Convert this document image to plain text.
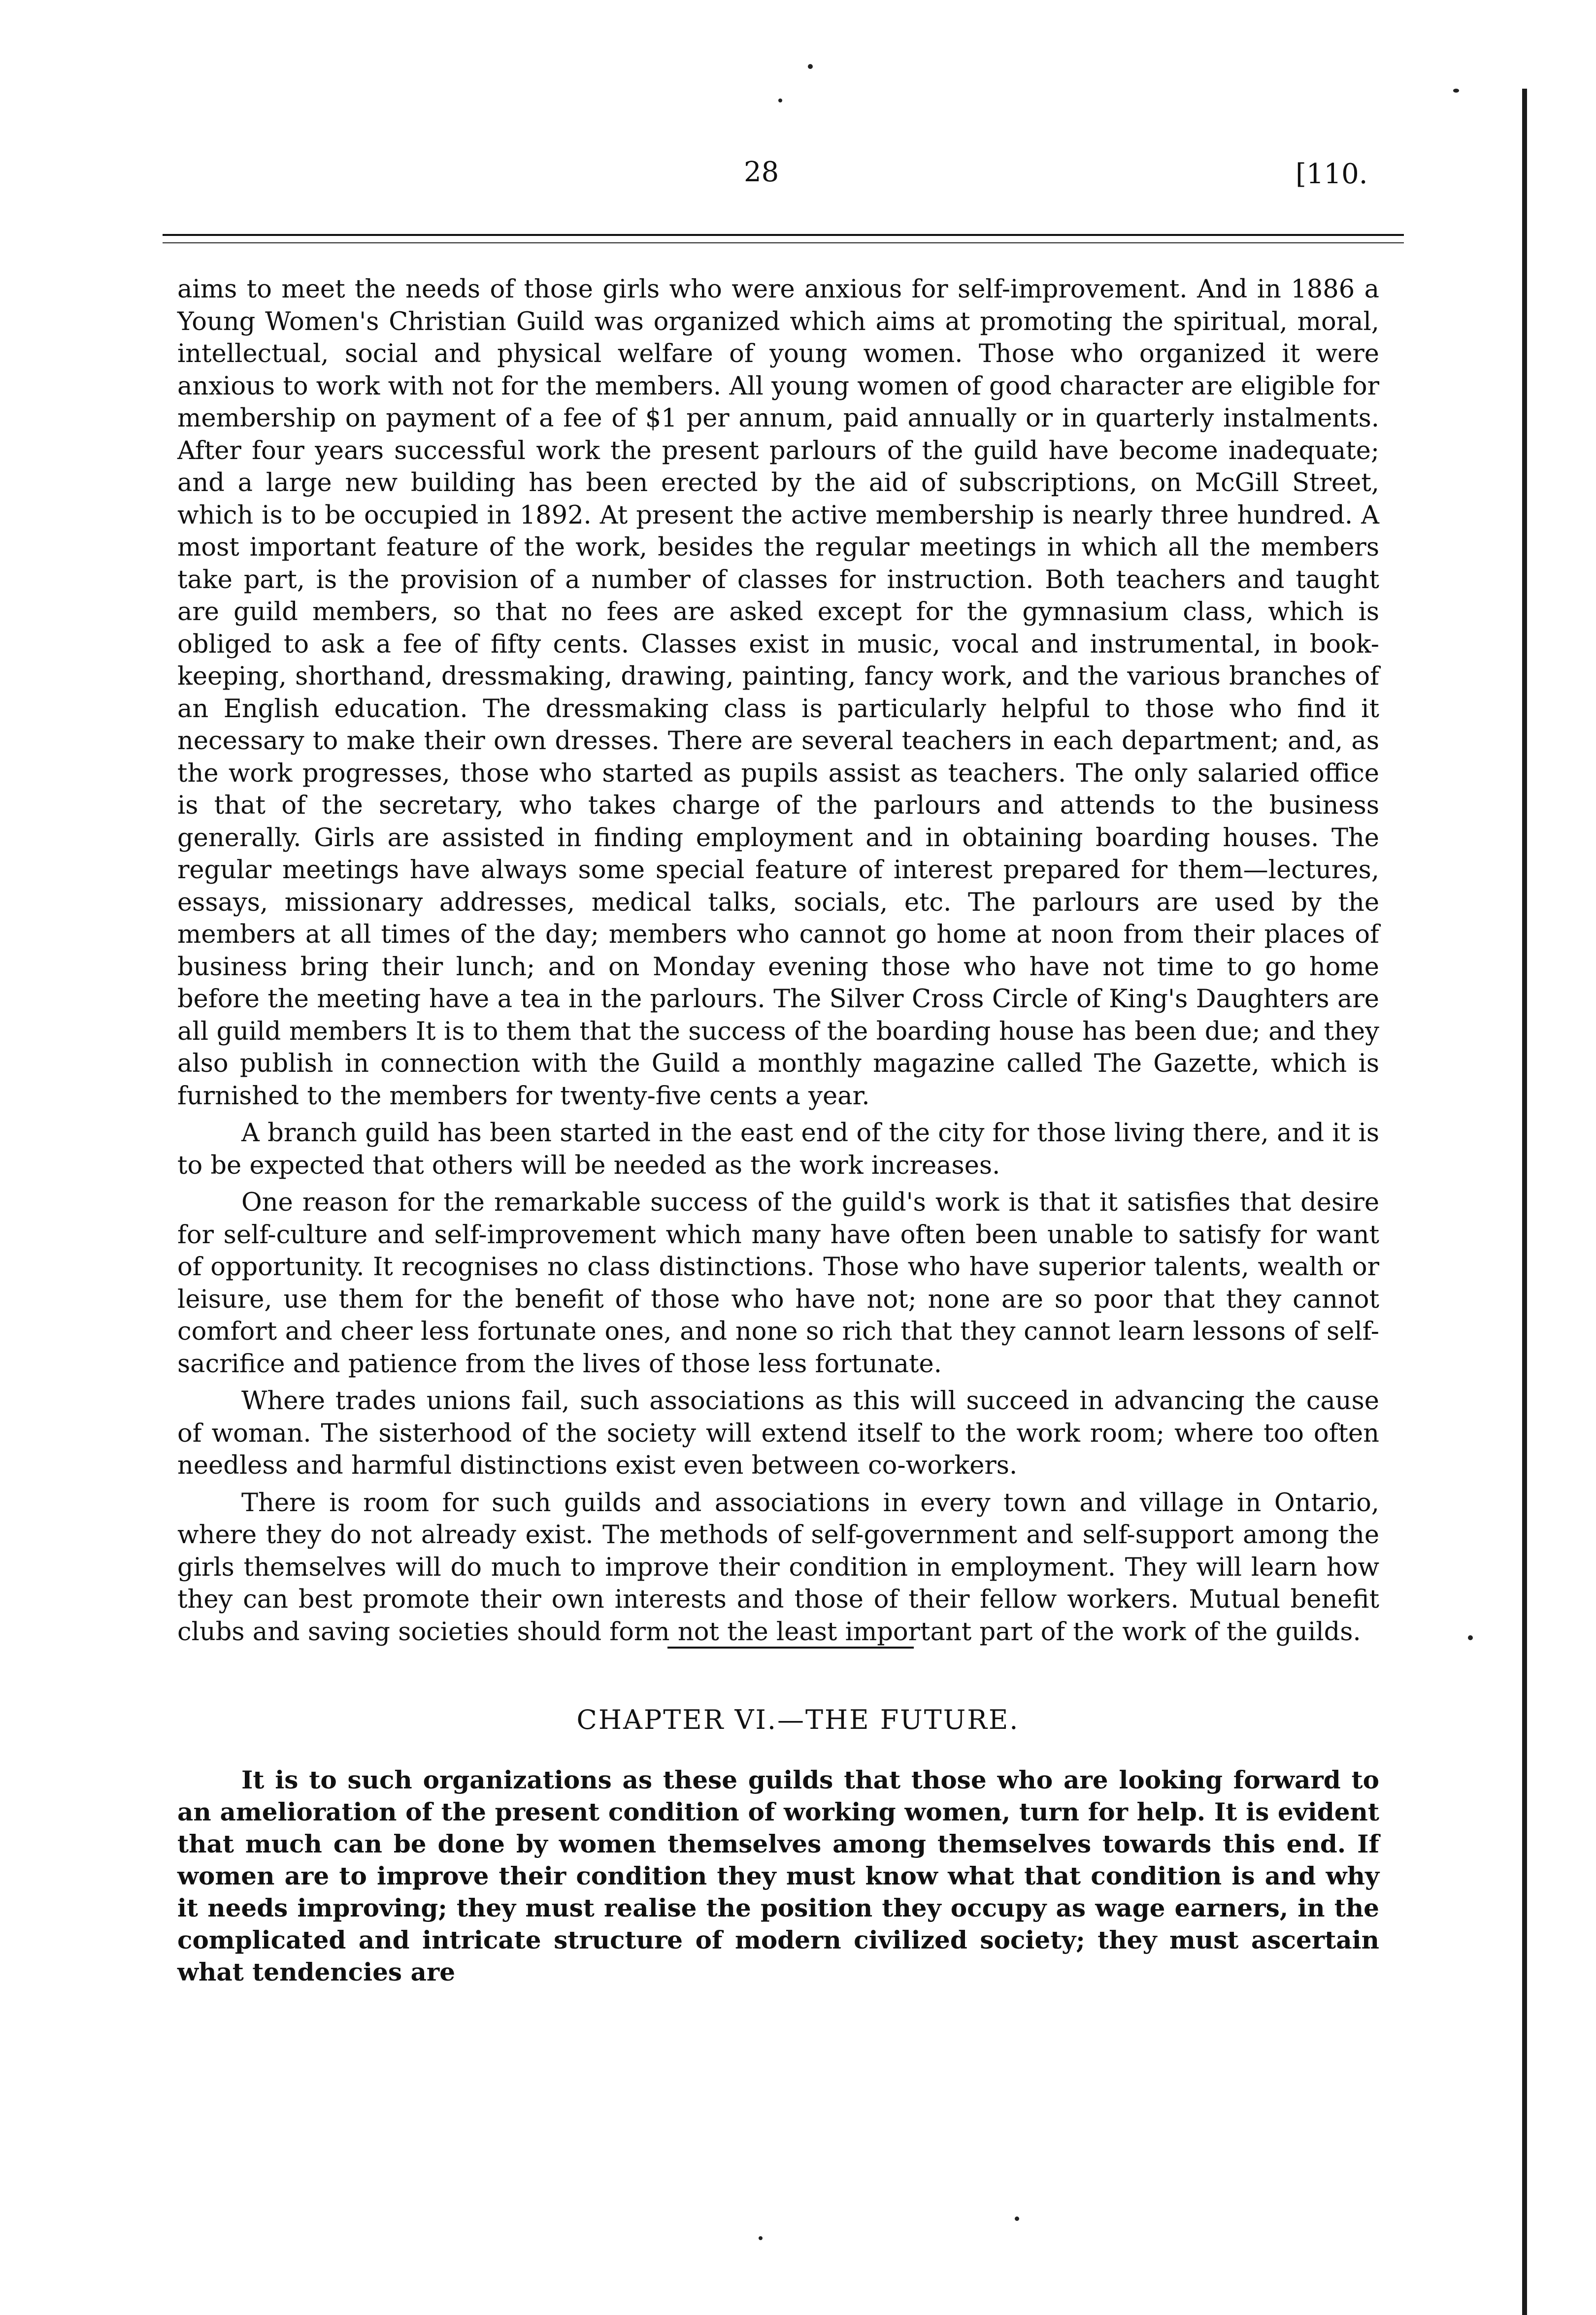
28	[110.

aims to meet the needs of those girls who were anxious for self-improvement. And in 1886 a Young Women's Christian Guild was organized which aims at promoting the spiritual, moral, intellectual, social and physical welfare of young women. Those who organized it were anxious to work with not for the members. All young women of good character are eligible for membership on payment of a fee of $1 per annum, paid annually or in quarterly instalments. After four years successful work the present parlours of the guild have become inadequate; and a large new building has been erected by the aid of subscriptions, on McGill Street, which is to be occupied in 1892. At present the active membership is nearly three hundred. A most important feature of the work, besides the regular meetings in which all the members take part, is the provision of a number of classes for instruction. Both teachers and taught are guild members, so that no fees are asked except for the gymnasium class, which is obliged to ask a fee of fifty cents. Classes exist in music, vocal and instrumental, in book-keeping, shorthand, dressmaking, drawing, painting, fancy work, and the various branches of an English education. The dressmaking class is particularly helpful to those who find it necessary to make their own dresses. There are several teachers in each department; and, as the work progresses, those who started as pupils assist as teachers. The only salaried office is that of the secretary, who takes charge of the parlours and attends to the business generally. Girls are assisted in finding employment and in obtaining boarding houses. The regular meetings have always some special feature of interest prepared for them—lectures, essays, missionary addresses, medical talks, socials, etc. The parlours are used by the members at all times of the day; members who cannot go home at noon from their places of business bring their lunch; and on Monday evening those who have not time to go home before the meeting have a tea in the parlours. The Silver Cross Circle of King's Daughters are all guild members It is to them that the success of the boarding house has been due; and they also publish in connection with the Guild a monthly magazine called The Gazette, which is furnished to the members for twenty-five cents a year.

A branch guild has been started in the east end of the city for those living there, and it is to be expected that others will be needed as the work increases.

One reason for the remarkable success of the guild's work is that it satisfies that desire for self-culture and self-improvement which many have often been unable to satisfy for want of opportunity. It recognises no class distinctions. Those who have superior talents, wealth or leisure, use them for the benefit of those who have not; none are so poor that they cannot comfort and cheer less fortunate ones, and none so rich that they cannot learn lessons of self-sacrifice and patience from the lives of those less fortunate.

Where trades unions fail, such associations as this will succeed in advancing the cause of woman. The sisterhood of the society will extend itself to the work room; where too often needless and harmful distinctions exist even between co-workers.

There is room for such guilds and associations in every town and village in Ontario, where they do not already exist. The methods of self-government and self-support among the girls themselves will do much to improve their condition in employment. They will learn how they can best promote their own interests and those of their fellow workers. Mutual benefit clubs and saving societies should form not the least important part of the work of the guilds.

CHAPTER VI.—THE FUTURE.

It is to such organizations as these guilds that those who are looking forward to an amelioration of the present condition of working women, turn for help. It is evident that much can be done by women themselves among themselves towards this end. If women are to improve their condition they must know what that condition is and why it needs improving; they must realise the position they occupy as wage earners, in the complicated and intricate structure of modern civilized society; they must ascertain what tendencies are
